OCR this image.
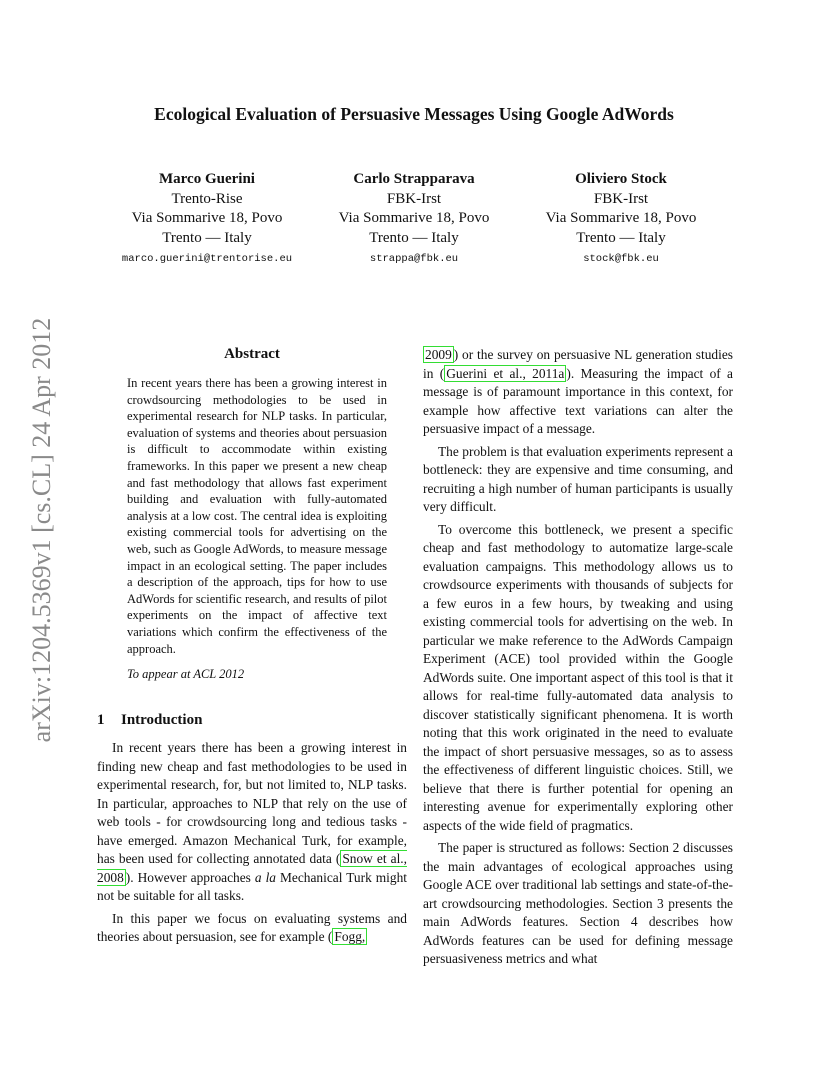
arXiv:1204.5369v1 [cs.CL] 24 Apr 2012
Ecological Evaluation of Persuasive Messages Using Google AdWords
Marco Guerini
Trento-Rise
Via Sommarive 18, Povo
Trento — Italy
marco.guerini@trentorise.eu
Carlo Strapparava
FBK-Irst
Via Sommarive 18, Povo
Trento — Italy
strappa@fbk.eu
Oliviero Stock
FBK-Irst
Via Sommarive 18, Povo
Trento — Italy
stock@fbk.eu
Abstract

In recent years there has been a growing interest in crowdsourcing methodologies to be used in experimental research for NLP tasks. In particular, evaluation of systems and theories about persuasion is difficult to accommodate within existing frameworks. In this paper we present a new cheap and fast methodology that allows fast experiment building and evaluation with fully-automated analysis at a low cost. The central idea is exploiting existing commercial tools for advertising on the web, such as Google AdWords, to measure message impact in an ecological setting. The paper includes a description of the approach, tips for how to use AdWords for scientific research, and results of pilot experiments on the impact of affective text variations which confirm the effectiveness of the approach.

To appear at ACL 2012

1 Introduction

In recent years there has been a growing interest in finding new cheap and fast methodologies to be used in experimental research, for, but not limited to, NLP tasks. In particular, approaches to NLP that rely on the use of web tools - for crowdsourcing long and tedious tasks - have emerged. Amazon Mechanical Turk, for example, has been used for collecting annotated data ( Snow et al., 2008 ). However approaches a la Mechanical Turk might not be suitable for all tasks.

In this paper we focus on evaluating systems and theories about persuasion, see for example ( Fogg,

2009 ) or the survey on persuasive NL generation studies in ( Guerini et al., 2011a ). Measuring the impact of a message is of paramount importance in this context, for example how affective text variations can alter the persuasive impact of a message.

The problem is that evaluation experiments represent a bottleneck: they are expensive and time consuming, and recruiting a high number of human participants is usually very difficult.

To overcome this bottleneck, we present a specific cheap and fast methodology to automatize large-scale evaluation campaigns. This methodology allows us to crowdsource experiments with thousands of subjects for a few euros in a few hours, by tweaking and using existing commercial tools for advertising on the web. In particular we make reference to the AdWords Campaign Experiment (ACE) tool provided within the Google AdWords suite. One important aspect of this tool is that it allows for real-time fully-automated data analysis to discover statistically significant phenomena. It is worth noting that this work originated in the need to evaluate the impact of short persuasive messages, so as to assess the effectiveness of different linguistic choices. Still, we believe that there is further potential for opening an interesting avenue for experimentally exploring other aspects of the wide field of pragmatics.

The paper is structured as follows: Section 2 discusses the main advantages of ecological approaches using Google ACE over traditional lab settings and state-of-the-art crowdsourcing methodologies. Section 3 presents the main AdWords features. Section 4 describes how AdWords features can be used for defining message persuasiveness metrics and what
